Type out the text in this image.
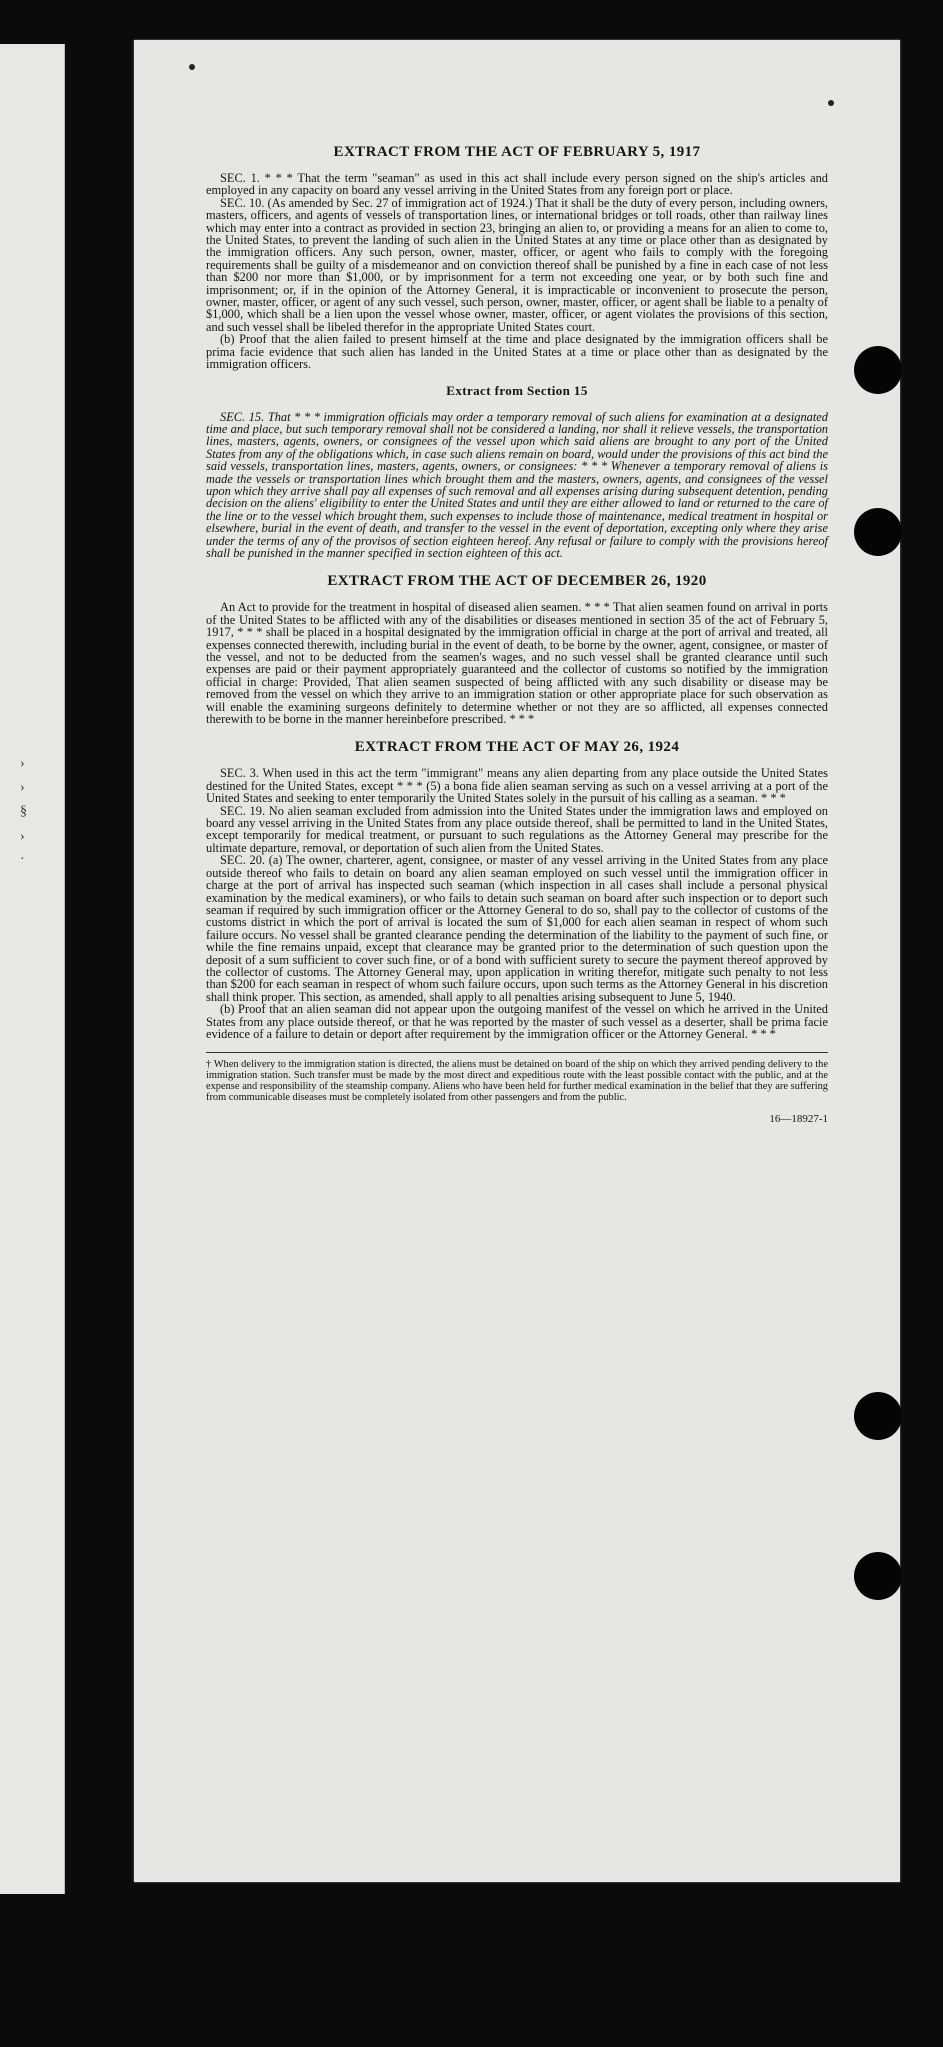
›
›
§
›
·
EXTRACT FROM THE ACT OF FEBRUARY 5, 1917

SEC. 1. * * * That the term "seaman" as used in this act shall include every person signed on the ship's articles and employed in any capacity on board any vessel arriving in the United States from any foreign port or place.

SEC. 10. (As amended by Sec. 27 of immigration act of 1924.) That it shall be the duty of every person, including owners, masters, officers, and agents of vessels of transportation lines, or international bridges or toll roads, other than railway lines which may enter into a contract as provided in section 23, bringing an alien to, or providing a means for an alien to come to, the United States, to prevent the landing of such alien in the United States at any time or place other than as designated by the immigration officers. Any such person, owner, master, officer, or agent who fails to comply with the foregoing requirements shall be guilty of a misdemeanor and on conviction thereof shall be punished by a fine in each case of not less than $200 nor more than $1,000, or by imprisonment for a term not exceeding one year, or by both such fine and imprisonment; or, if in the opinion of the Attorney General, it is impracticable or inconvenient to prosecute the person, owner, master, officer, or agent of any such vessel, such person, owner, master, officer, or agent shall be liable to a penalty of $1,000, which shall be a lien upon the vessel whose owner, master, officer, or agent violates the provisions of this section, and such vessel shall be libeled therefor in the appropriate United States court.

(b) Proof that the alien failed to present himself at the time and place designated by the immigration officers shall be prima facie evidence that such alien has landed in the United States at a time or place other than as designated by the immigration officers.

Extract from Section 15

SEC. 15. That * * * immigration officials may order a temporary removal of such aliens for examination at a designated time and place, but such temporary removal shall not be considered a landing, nor shall it relieve vessels, the transportation lines, masters, agents, owners, or consignees of the vessel upon which said aliens are brought to any port of the United States from any of the obligations which, in case such aliens remain on board, would under the provisions of this act bind the said vessels, transportation lines, masters, agents, owners, or consignees: * * * Whenever a temporary removal of aliens is made the vessels or transportation lines which brought them and the masters, owners, agents, and consignees of the vessel upon which they arrive shall pay all expenses of such removal and all expenses arising during subsequent detention, pending decision on the aliens' eligibility to enter the United States and until they are either allowed to land or returned to the care of the line or to the vessel which brought them, such expenses to include those of maintenance, medical treatment in hospital or elsewhere, burial in the event of death, and transfer to the vessel in the event of deportation, excepting only where they arise under the terms of any of the provisos of section eighteen hereof. Any refusal or failure to comply with the provisions hereof shall be punished in the manner specified in section eighteen of this act.

EXTRACT FROM THE ACT OF DECEMBER 26, 1920

An Act to provide for the treatment in hospital of diseased alien seamen. * * * That alien seamen found on arrival in ports of the United States to be afflicted with any of the disabilities or diseases mentioned in section 35 of the act of February 5, 1917, * * * shall be placed in a hospital designated by the immigration official in charge at the port of arrival and treated, all expenses connected therewith, including burial in the event of death, to be borne by the owner, agent, consignee, or master of the vessel, and not to be deducted from the seamen's wages, and no such vessel shall be granted clearance until such expenses are paid or their payment appropriately guaranteed and the collector of customs so notified by the immigration official in charge: Provided, That alien seamen suspected of being afflicted with any such disability or disease may be removed from the vessel on which they arrive to an immigration station or other appropriate place for such observation as will enable the examining surgeons definitely to determine whether or not they are so afflicted, all expenses connected therewith to be borne in the manner hereinbefore prescribed. * * *

EXTRACT FROM THE ACT OF MAY 26, 1924

SEC. 3. When used in this act the term "immigrant" means any alien departing from any place outside the United States destined for the United States, except * * * (5) a bona fide alien seaman serving as such on a vessel arriving at a port of the United States and seeking to enter temporarily the United States solely in the pursuit of his calling as a seaman. * * *

SEC. 19. No alien seaman excluded from admission into the United States under the immigration laws and employed on board any vessel arriving in the United States from any place outside thereof, shall be permitted to land in the United States, except temporarily for medical treatment, or pursuant to such regulations as the Attorney General may prescribe for the ultimate departure, removal, or deportation of such alien from the United States.

SEC. 20. (a) The owner, charterer, agent, consignee, or master of any vessel arriving in the United States from any place outside thereof who fails to detain on board any alien seaman employed on such vessel until the immigration officer in charge at the port of arrival has inspected such seaman (which inspection in all cases shall include a personal physical examination by the medical examiners), or who fails to detain such seaman on board after such inspection or to deport such seaman if required by such immigration officer or the Attorney General to do so, shall pay to the collector of customs of the customs district in which the port of arrival is located the sum of $1,000 for each alien seaman in respect of whom such failure occurs. No vessel shall be granted clearance pending the determination of the liability to the payment of such fine, or while the fine remains unpaid, except that clearance may be granted prior to the determination of such question upon the deposit of a sum sufficient to cover such fine, or of a bond with sufficient surety to secure the payment thereof approved by the collector of customs. The Attorney General may, upon application in writing therefor, mitigate such penalty to not less than $200 for each seaman in respect of whom such failure occurs, upon such terms as the Attorney General in his discretion shall think proper. This section, as amended, shall apply to all penalties arising subsequent to June 5, 1940.

(b) Proof that an alien seaman did not appear upon the outgoing manifest of the vessel on which he arrived in the United States from any place outside thereof, or that he was reported by the master of such vessel as a deserter, shall be prima facie evidence of a failure to detain or deport after requirement by the immigration officer or the Attorney General. * * *

† When delivery to the immigration station is directed, the aliens must be detained on board of the ship on which they arrived pending delivery to the immigration station. Such transfer must be made by the most direct and expeditious route with the least possible contact with the public, and at the expense and responsibility of the steamship company. Aliens who have been held for further medical examination in the belief that they are suffering from communicable diseases must be completely isolated from other passengers and from the public.
16—18927-1
